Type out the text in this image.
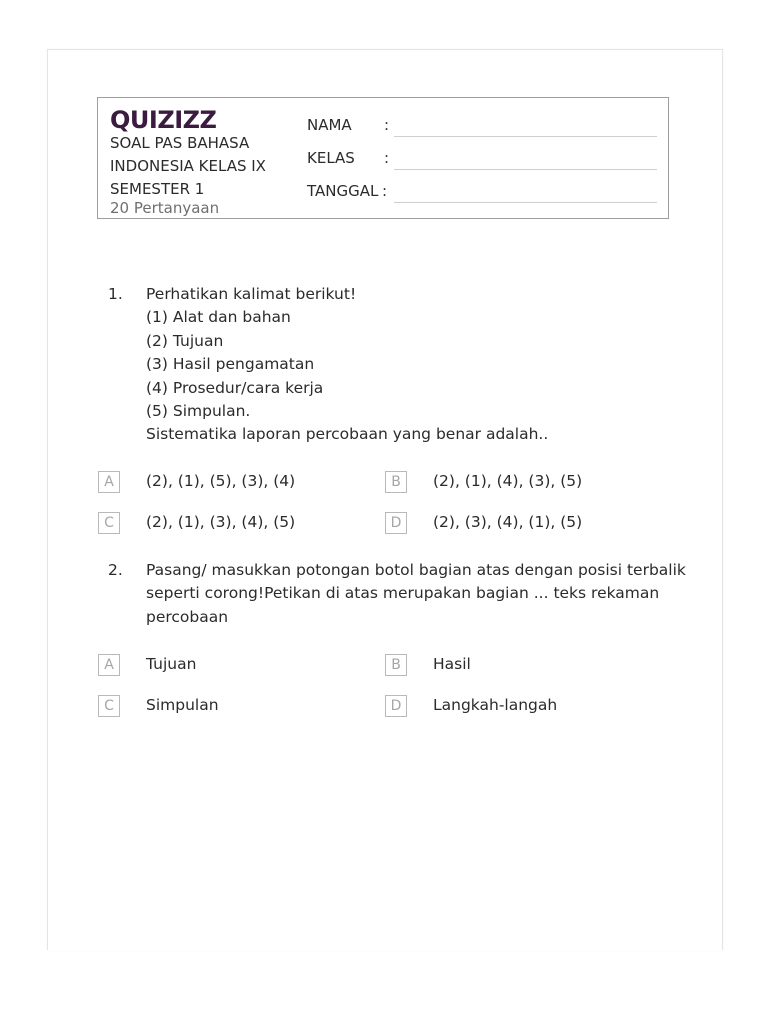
QUIZIZZ
SOAL PAS BAHASA
INDONESIA KELAS IX
SEMESTER 1
20 Pertanyaan
NAMA :
KELAS :
TANGGAL :
1. Perhatikan kalimat berikut!
(1) Alat dan bahan
(2) Tujuan
(3) Hasil pengamatan
(4) Prosedur/cara kerja
(5) Simpulan.
Sistematika laporan percobaan yang benar adalah..
A	(2), (1), (5), (3), (4)	B	(2), (1), (4), (3), (5)
C	(2), (1), (3), (4), (5)	D	(2), (3), (4), (1), (5)
2. Pasang/ masukkan potongan botol bagian atas dengan posisi terbalik
seperti corong!Petikan di atas merupakan bagian ... teks rekaman
percobaan
A	Tujuan	B	Hasil
C	Simpulan	D	Langkah-langah
